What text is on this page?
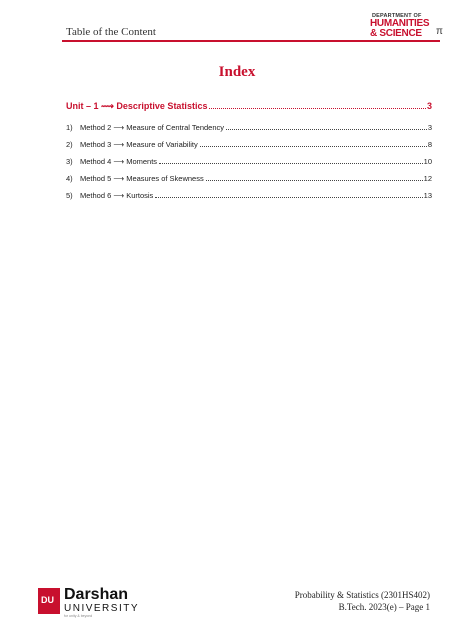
Table of the Content
DEPARTMENT OF
HUMANITIES
& SCIENCE π
Index
Unit – 1 ⟿ Descriptive Statistics	3
1) Method 2 ⟶ Measure of Central Tendency	3
2) Method 3 ⟶ Measure of Variability	8
3) Method 4 ⟶ Moments	10
4) Method 5 ⟶ Measures of Skewness	12
5) Method 6 ⟶ Kurtosis	13
DU Darshan
UNIVERSITY
for unity & beyond
Probability & Statistics (2301HS402)
B.Tech. 2023(e) – Page 1
